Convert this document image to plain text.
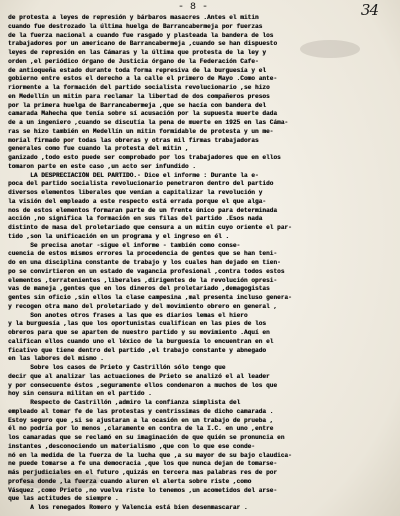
- 8 -	34
de protesta a leyes de represión y bárbaros masacres .Antes el mitin
cuando fue destrozado la última huelga de Barrancabermeja por fuerzas
de la fuerza nacional a cuando fue rasgado y plasteada la bandera de los
trabajadores por un americano de Barrancabermeja ,cuando se han dispuesto
leyes de represión en las Cámaras y la última que protesta de la ley y
orden ,el periódico órgano de Justicia órgano de la Federación Cafe-
de antioqueña estado durante toda forma represiva de la burguesía y el
gobierno entre estos el derecho a la calle el primero de Mayo .Como ante-
riormente a la formación del partido socialista revolucionario ,se hizo
en Medellín un mitin para reclamar la libertad de dos compañeros presos
por la primera huelga de Barrancabermeja ,que se hacía con bandera del
camarada Mahecha que tenía sobre sí acusación por la supuesta muerte dada
de a un ingeniero ,cuando se discutía la pena de muerte en 1925 en las Cáma-
ras se hizo también en Medellín un mitin formidable de protesta y un me-
morial firmado por todas las obreras y otras mil firmas trabajadoras
generales como fue cuando la protesta del mitin ,
ganizado ,todo esto puede ser comprobado por los trabajadores que en ellos
tomaron parte en este caso ,un acto ser infundido .
LA DESPRECIACIÓN DEL PARTIDO.- Dice el informe : Durante la e-
poca del partido socialista revolucionario penetraron dentro del partido
diversos elementos liberales que venían a capitalizar la revolución y
la visión del empleado a este respecto está errada porque el que alga-
nos de estos elementos formaran parte de un frente único para determinada
acción ,no significa la formación en sus filas del partido .Esos nada
distinto de masa del proletariado que censura a un mitin cuyo oriente el par-
tido ,son la unificación en un programa y el ingreso en él .
Se precisa anotar -sigue el informe - también como conse-
cuencia de estos mismos errores la procedencia de gentes que se han teni-
do en una disciplina constante de trabajo y los cuales han dejado en tien-
po se convirtieron en un estado de vagancia profesional ,contra todos estos
elementos ,terratenientes ,liberales ,dirigentes de la revolución opresi-
vas de maneja ,gentes que en los dineros del proletariado ,demagogistas
gentes sin oficio ,sin ellos la clase campesina ,mal presenta incluso genera-
y recogen otra mano del proletariado y del movimiento obrero en general ,
Son anotes otros frases a las que es diarios lemas el hiero
y la burguesía ,las que los oportunistas cualifican en las pies de los
obreros para que se aparten de nuestro partido y su movimiento .Aquí en
califican ellos cuando uno el léxico de la burguesía lo encuentran en el
ficativo que tiene dentro del partido ,el trabajo constante y abnegado
en las labores del mismo .
Sobre los casos de Prieto y Castrillón sólo tengo que
decir que al analizar las actuaciones de Prieto se analizó el al leader
y por consecuente éstos ,seguramente ellos condenaron a muchos de los que
hoy sin censura militan en el partido .
Respecto de Castrillón ,admiro la confianza simplista del
empleado al tomar fe de las protestas y centrissimas de dicho camarada .
Estoy seguro que ,si se ajustaran a la ocasión en un trabajo de prueba ,
él no podría por lo menos ,claramente en contra de la I.C. en uno ,entre
los camaradas que se reclamó en su imaginación de que quién se pronuncia en
instantes ,desconociendo un materialismo ,que con lo que ese conde-
nó en la medida de la fuerza de la lucha que ,a su mayor de su bajo claudica-
ne puede tomarse a fe una democracia ,que los que nunca dejan de tomarse-
más perjudiciales en el futuro ,quizás en tercera mas palabras res de por
profesa donde ,la fuerza cuando aluren el alerta sobre riste ,como
Vásquez ,como Prieto ,no vuelva riste lo tenemos ,un acometidos del arse-
que las actitudes de siempre .
A los renegados Romero y Valencia está bien desenmascarar .
